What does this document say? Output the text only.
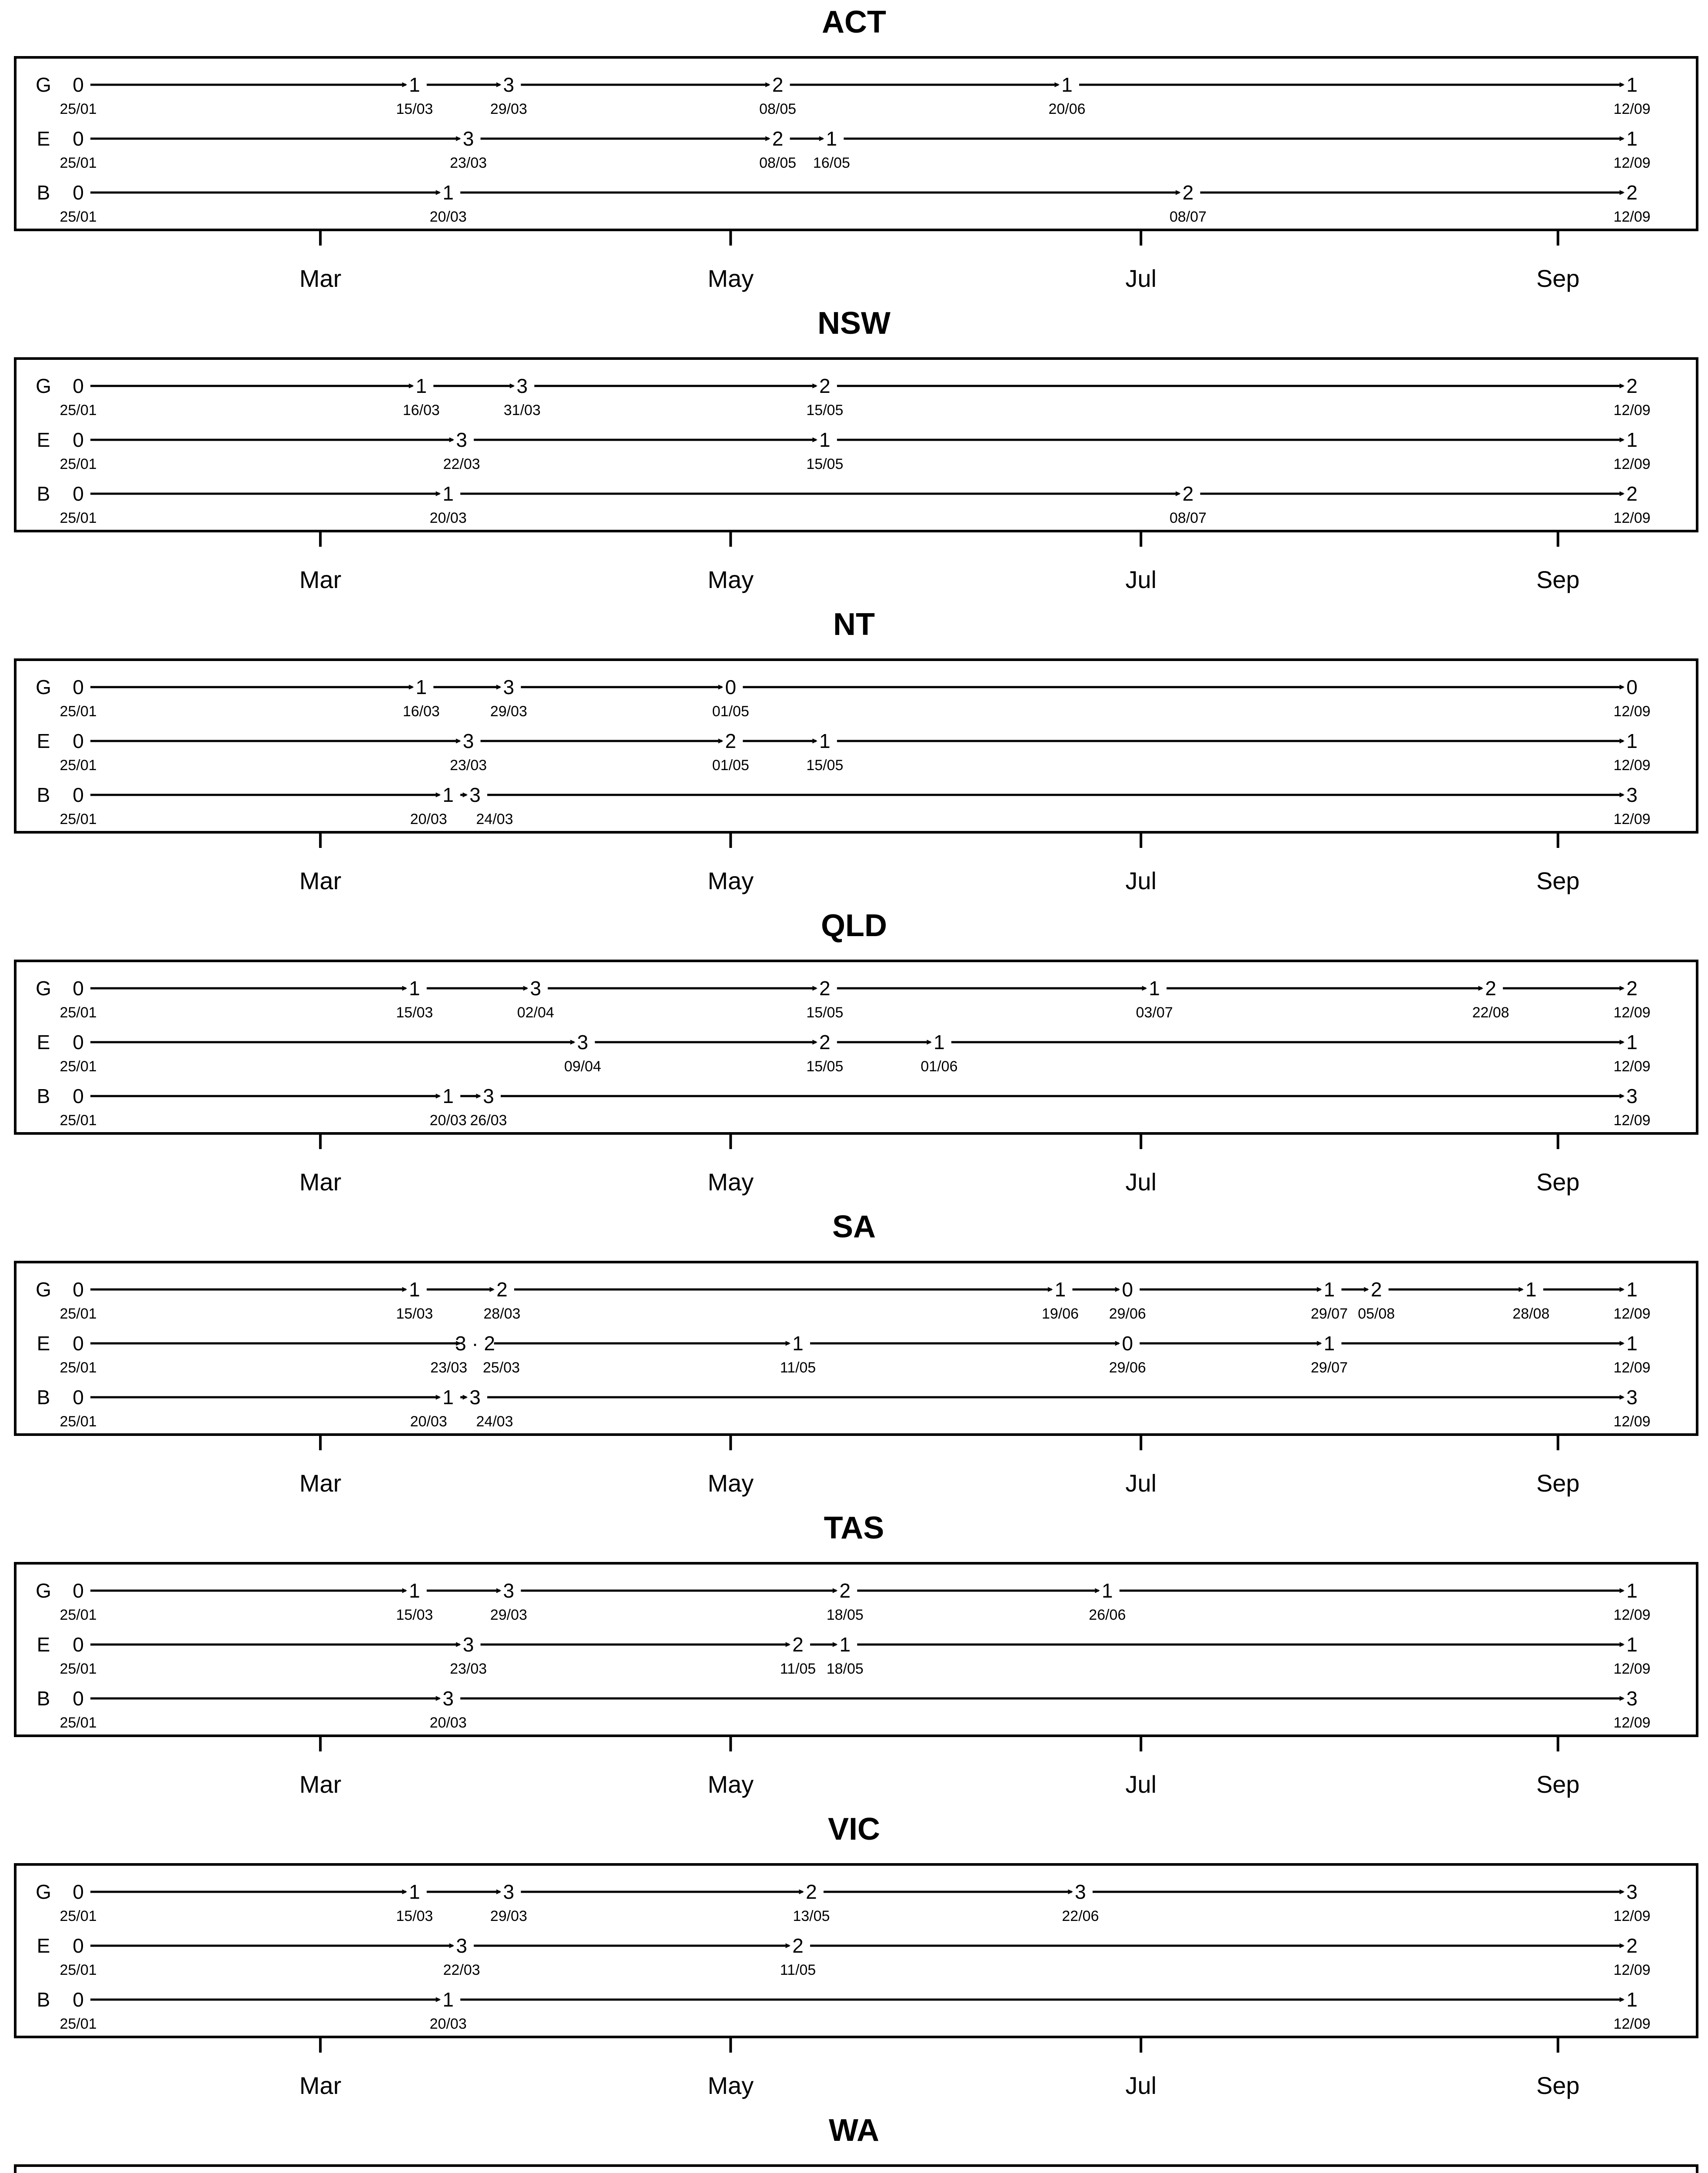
ACT
G 0	1	3	2	1	1
25/01	15/03	29/03	08/05	20/06	12/09
E 0	3	2 1	1
25/01	23/03	08/05 16/05	12/09
B 0	1	2	2
25/01	20/03	08/07	12/09
Mar	May	Jul	Sep
NSW
G 0	1	3	2	2
25/01	16/03	31/03	15/05	12/09
E 0	3	1	1
25/01	22/03	15/05	12/09
B 0	1	2	2
25/01	20/03	08/07	12/09
Mar	May	Jul	Sep
NT
G 0	1	3	0	0
25/01	16/03	29/03	01/05	12/09
E 0	3	2	1	1
25/01	23/03	01/05	15/05	12/09
B 0	1 3	3
25/01	20/03 24/03	12/09
Mar	May	Jul	Sep
QLD
G 0	1	3	2	1	2	2
25/01	15/03	02/04	15/05	03/07	22/08	12/09
E 0	3	2	1	1
25/01	09/04	15/05	01/06	12/09
B 0	1 3	3
25/01	20/03 26/03	12/09
Mar	May	Jul	Sep
SA
G 0	1	2	1	0	1 2	1	1
25/01	15/03	28/03	19/06 29/06	29/07 05/08	28/08	12/09
E 0	3 · 2	1	0	1	1
25/01	23/03 25/03	11/05	29/06	29/07	12/09
B 0	1 3	3
25/01	20/03 24/03	12/09
Mar	May	Jul	Sep
TAS
G 0	1	3	2	1	1
25/01	15/03	29/03	18/05	26/06	12/09
E 0	3	2 1	1
25/01	23/03	11/05 18/05	12/09
B 0	3	3
25/01	20/03	12/09
Mar	May	Jul	Sep
VIC
G 0	1	3	2	3	3
25/01	15/03	29/03	13/05	22/06	12/09
E 0	3	2	2
25/01	22/03	11/05	12/09
B 0	1	1
25/01	20/03	12/09
Mar	May	Jul	Sep
WA
